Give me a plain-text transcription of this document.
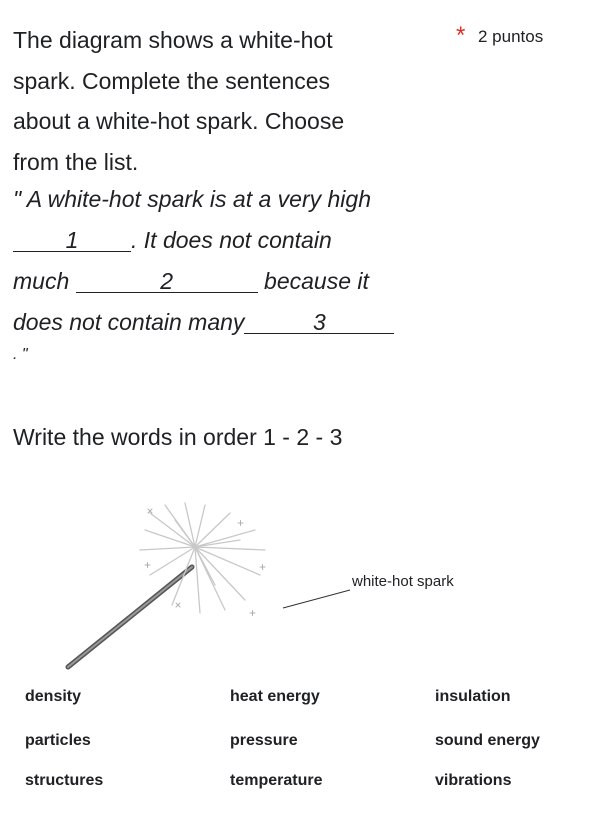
The diagram shows a white-hot

spark. Complete the sentences

about a white-hot spark. Choose

from the list.

* 2 puntos
" A white-hot spark is at a very high
1 . It does not contain
much	2	because it
does not contain many	3
. "
Write the words in order 1 - 2 - 3
white-hot spark
density	heat energy	insulation
particles	pressure	sound energy
structures	temperature	vibrations
